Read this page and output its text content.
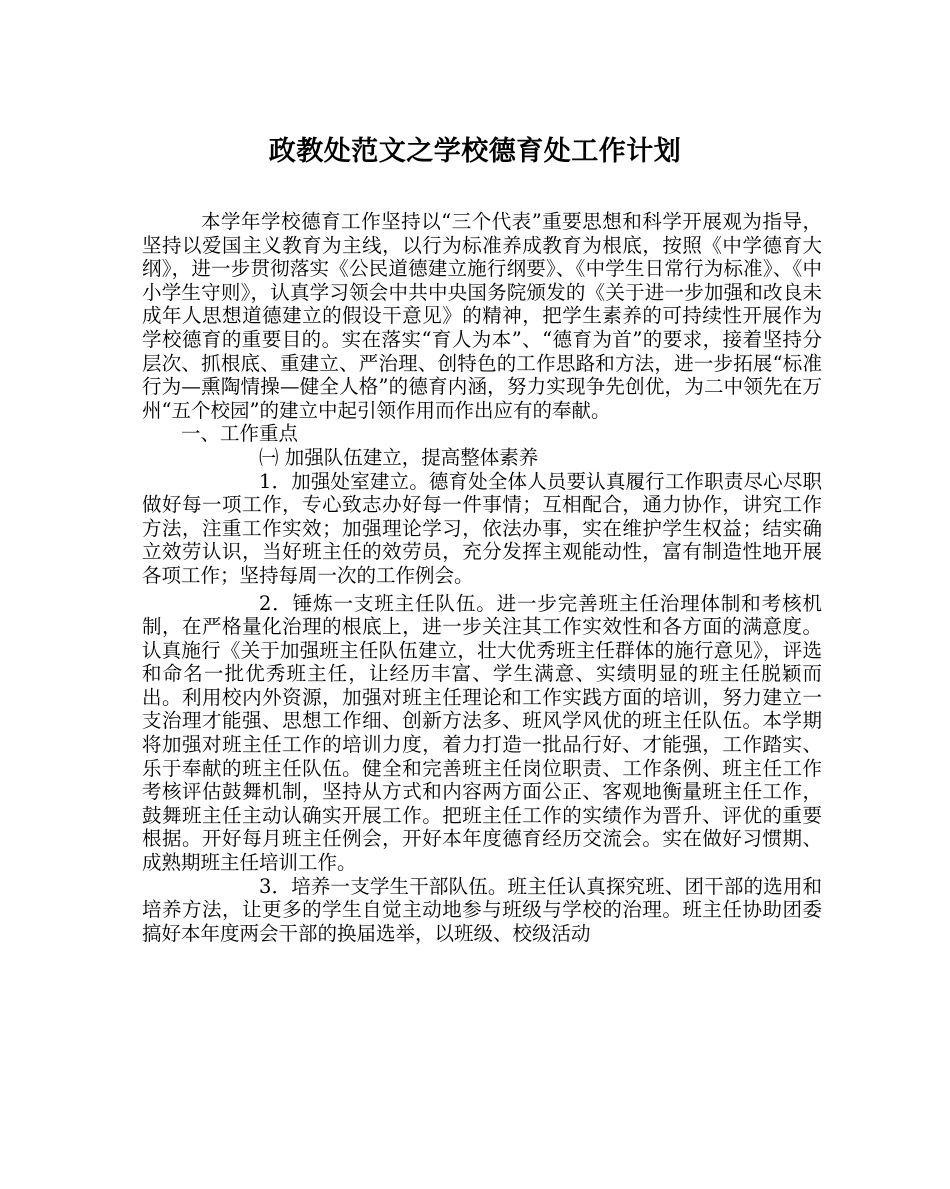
政教处范文之学校德育处工作计划

本学年学校德育工作坚持以“三个代表”重要思想和科学开展观为指导，坚持以爱国主义教育为主线，以行为标准养成教育为根底，按照《中学德育大纲》，进一步贯彻落实《公民道德建立施行纲要》、《中学生日常行为标准》、《中小学生守则》，认真学习领会中共中央国务院颁发的《关于进一步加强和改良未成年人思想道德建立的假设干意见》的精神，把学生素养的可持续性开展作为学校德育的重要目的。实在落实“育人为本”、“德育为首”的要求，接着坚持分层次、抓根底、重建立、严治理、创特色的工作思路和方法，进一步拓展“标准行为—熏陶情操—健全人格”的德育内涵，努力实现争先创优，为二中领先在万州“五个校园”的建立中起引领作用而作出应有的奉献。

一、工作重点

㈠ 加强队伍建立，提高整体素养

1．加强处室建立。德育处全体人员要认真履行工作职责尽心尽职做好每一项工作，专心致志办好每一件事情；互相配合，通力协作，讲究工作方法，注重工作实效；加强理论学习，依法办事，实在维护学生权益；结实确立效劳认识，当好班主任的效劳员，充分发挥主观能动性，富有制造性地开展各项工作；坚持每周一次的工作例会。

2．锤炼一支班主任队伍。进一步完善班主任治理体制和考核机制，在严格量化治理的根底上，进一步关注其工作实效性和各方面的满意度。认真施行《关于加强班主任队伍建立，壮大优秀班主任群体的施行意见》，评选和命名一批优秀班主任，让经历丰富、学生满意、实绩明显的班主任脱颖而出。利用校内外资源，加强对班主任理论和工作实践方面的培训，努力建立一支治理才能强、思想工作细、创新方法多、班风学风优的班主任队伍。本学期将加强对班主任工作的培训力度，着力打造一批品行好、才能强，工作踏实、乐于奉献的班主任队伍。健全和完善班主任岗位职责、工作条例、班主任工作考核评估鼓舞机制，坚持从方式和内容两方面公正、客观地衡量班主任工作，鼓舞班主任主动认确实开展工作。把班主任工作的实绩作为晋升、评优的重要根据。开好每月班主任例会，开好本年度德育经历交流会。实在做好习惯期、成熟期班主任培训工作。

3．培养一支学生干部队伍。班主任认真探究班、团干部的选用和培养方法，让更多的学生自觉主动地参与班级与学校的治理。班主任协助团委搞好本年度两会干部的换届选举，以班级、校级活动
